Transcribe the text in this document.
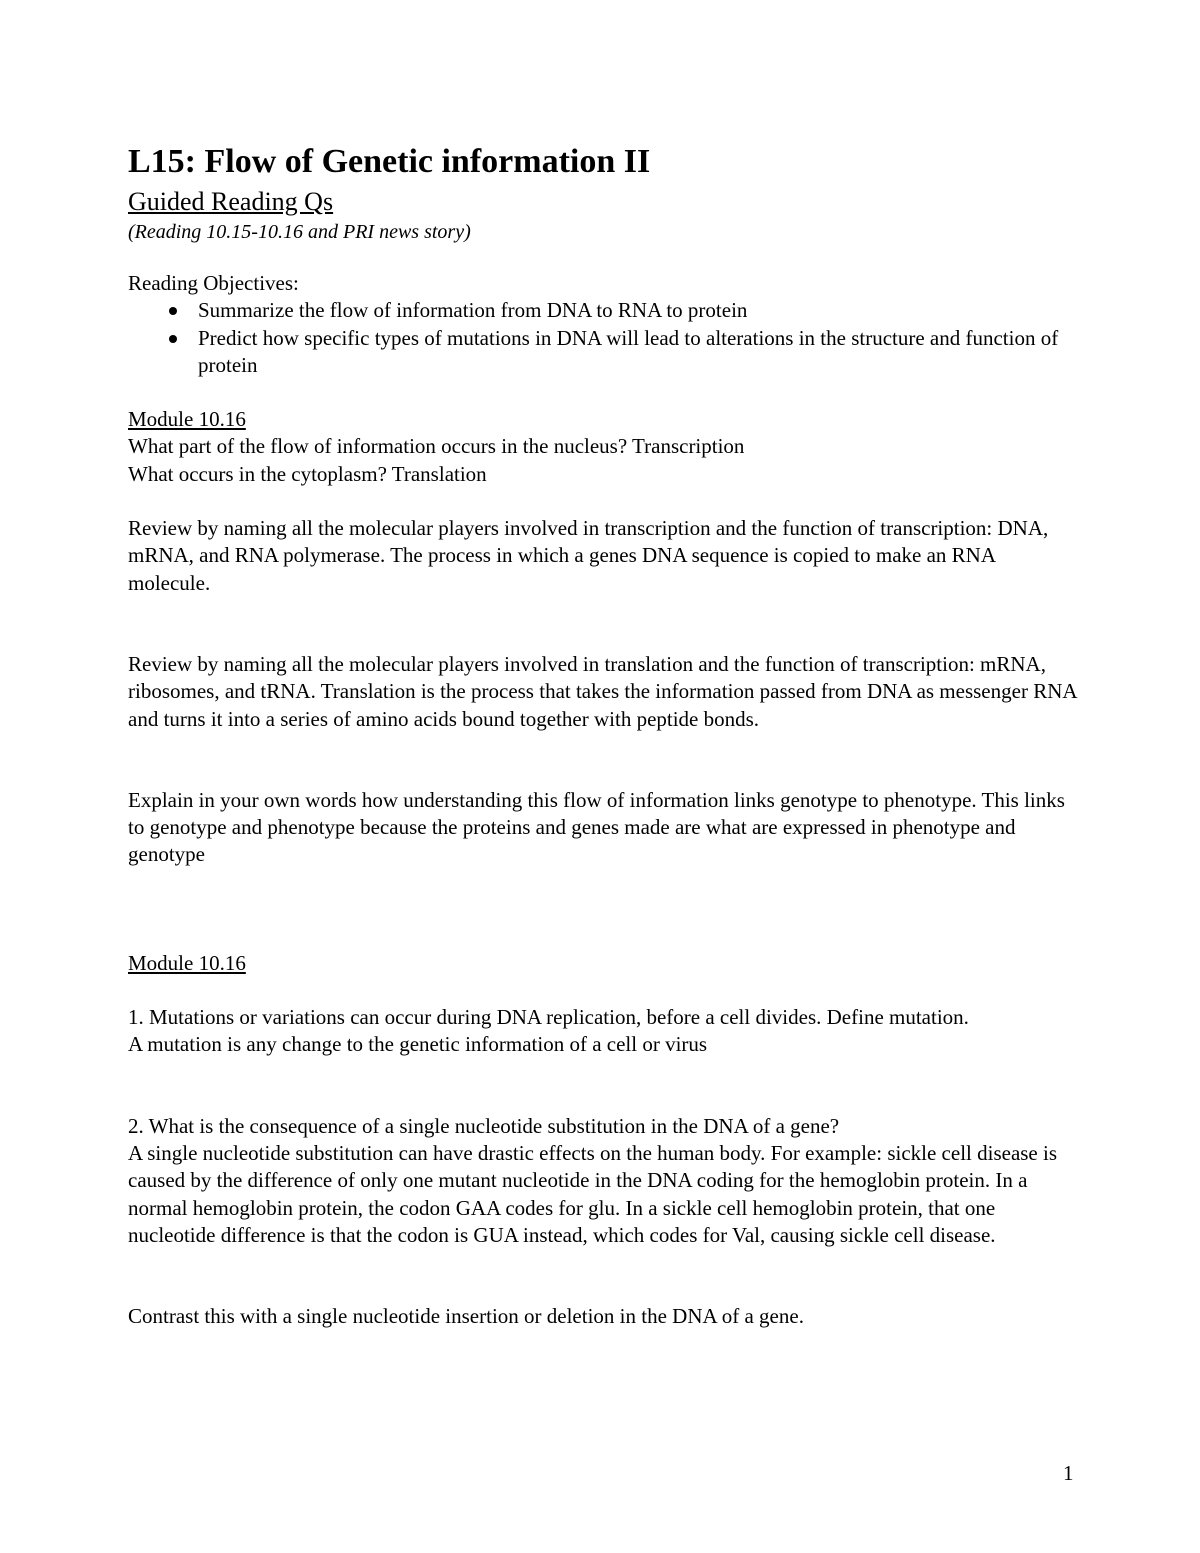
L15: Flow of Genetic information II
Guided Reading Qs
(Reading 10.15-10.16 and PRI news story)

Reading Objectives:

Summarize the flow of information from DNA to RNA to protein
Predict how specific types of mutations in DNA will lead to alterations in the structure and function of protein

Module 10.16

What part of the flow of information occurs in the nucleus? Transcription

What occurs in the cytoplasm? Translation

Review by naming all the molecular players involved in transcription and the function of transcription: DNA, mRNA, and RNA polymerase. The process in which a genes DNA sequence is copied to make an RNA molecule.

Review by naming all the molecular players involved in translation and the function of transcription: mRNA, ribosomes, and tRNA. Translation is the process that takes the information passed from DNA as messenger RNA and turns it into a series of amino acids bound together with peptide bonds.

Explain in your own words how understanding this flow of information links genotype to phenotype. This links to genotype and phenotype because the proteins and genes made are what are expressed in phenotype and genotype

Module 10.16

1. Mutations or variations can occur during DNA replication, before a cell divides. Define mutation.

A mutation is any change to the genetic information of a cell or virus

2. What is the consequence of a single nucleotide substitution in the DNA of a gene?

A single nucleotide substitution can have drastic effects on the human body. For example: sickle cell disease is caused by the difference of only one mutant nucleotide in the DNA coding for the hemoglobin protein. In a normal hemoglobin protein, the codon GAA codes for glu. In a sickle cell hemoglobin protein, that one nucleotide difference is that the codon is GUA instead, which codes for Val, causing sickle cell disease.

Contrast this with a single nucleotide insertion or deletion in the DNA of a gene.

1
